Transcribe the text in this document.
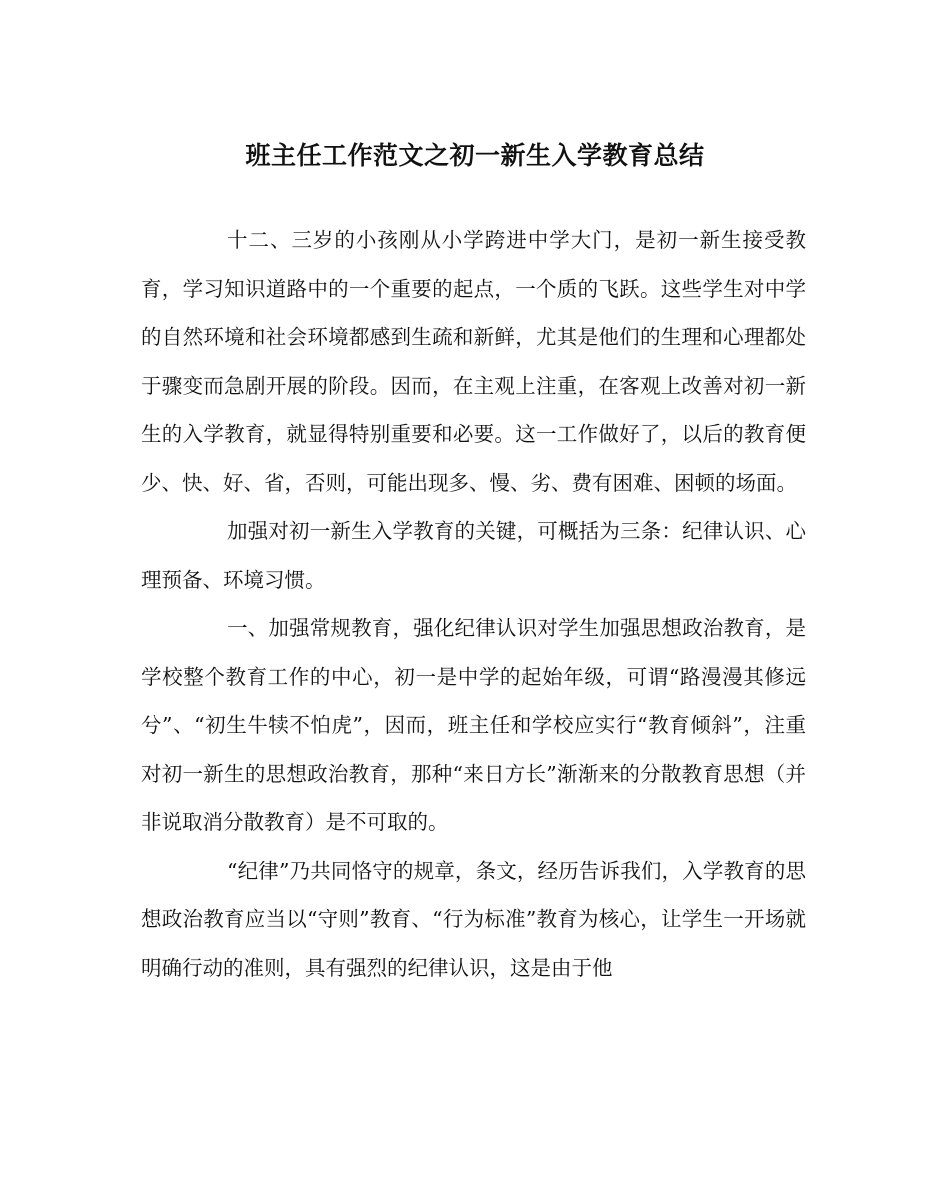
班主任工作范文之初一新生入学教育总结

十二、三岁的小孩刚从小学跨进中学大门，是初一新生接受教育，学习知识道路中的一个重要的起点，一个质的飞跃。这些学生对中学的自然环境和社会环境都感到生疏和新鲜，尤其是他们的生理和心理都处于骤变而急剧开展的阶段。因而，在主观上注重，在客观上改善对初一新生的入学教育，就显得特别重要和必要。这一工作做好了，以后的教育便少、快、好、省，否则，可能出现多、慢、劣、费有困难、困顿的场面。

加强对初一新生入学教育的关键，可概括为三条：纪律认识、心理预备、环境习惯。

一、加强常规教育，强化纪律认识对学生加强思想政治教育，是学校整个教育工作的中心，初一是中学的起始年级，可谓“路漫漫其修远兮”、“初生牛犊不怕虎”，因而，班主任和学校应实行“教育倾斜”，注重对初一新生的思想政治教育，那种“来日方长”渐渐来的分散教育思想（并非说取消分散教育）是不可取的。

“纪律”乃共同恪守的规章，条文，经历告诉我们，入学教育的思想政治教育应当以“守则”教育、“行为标准”教育为核心，让学生一开场就明确行动的准则，具有强烈的纪律认识，这是由于他
